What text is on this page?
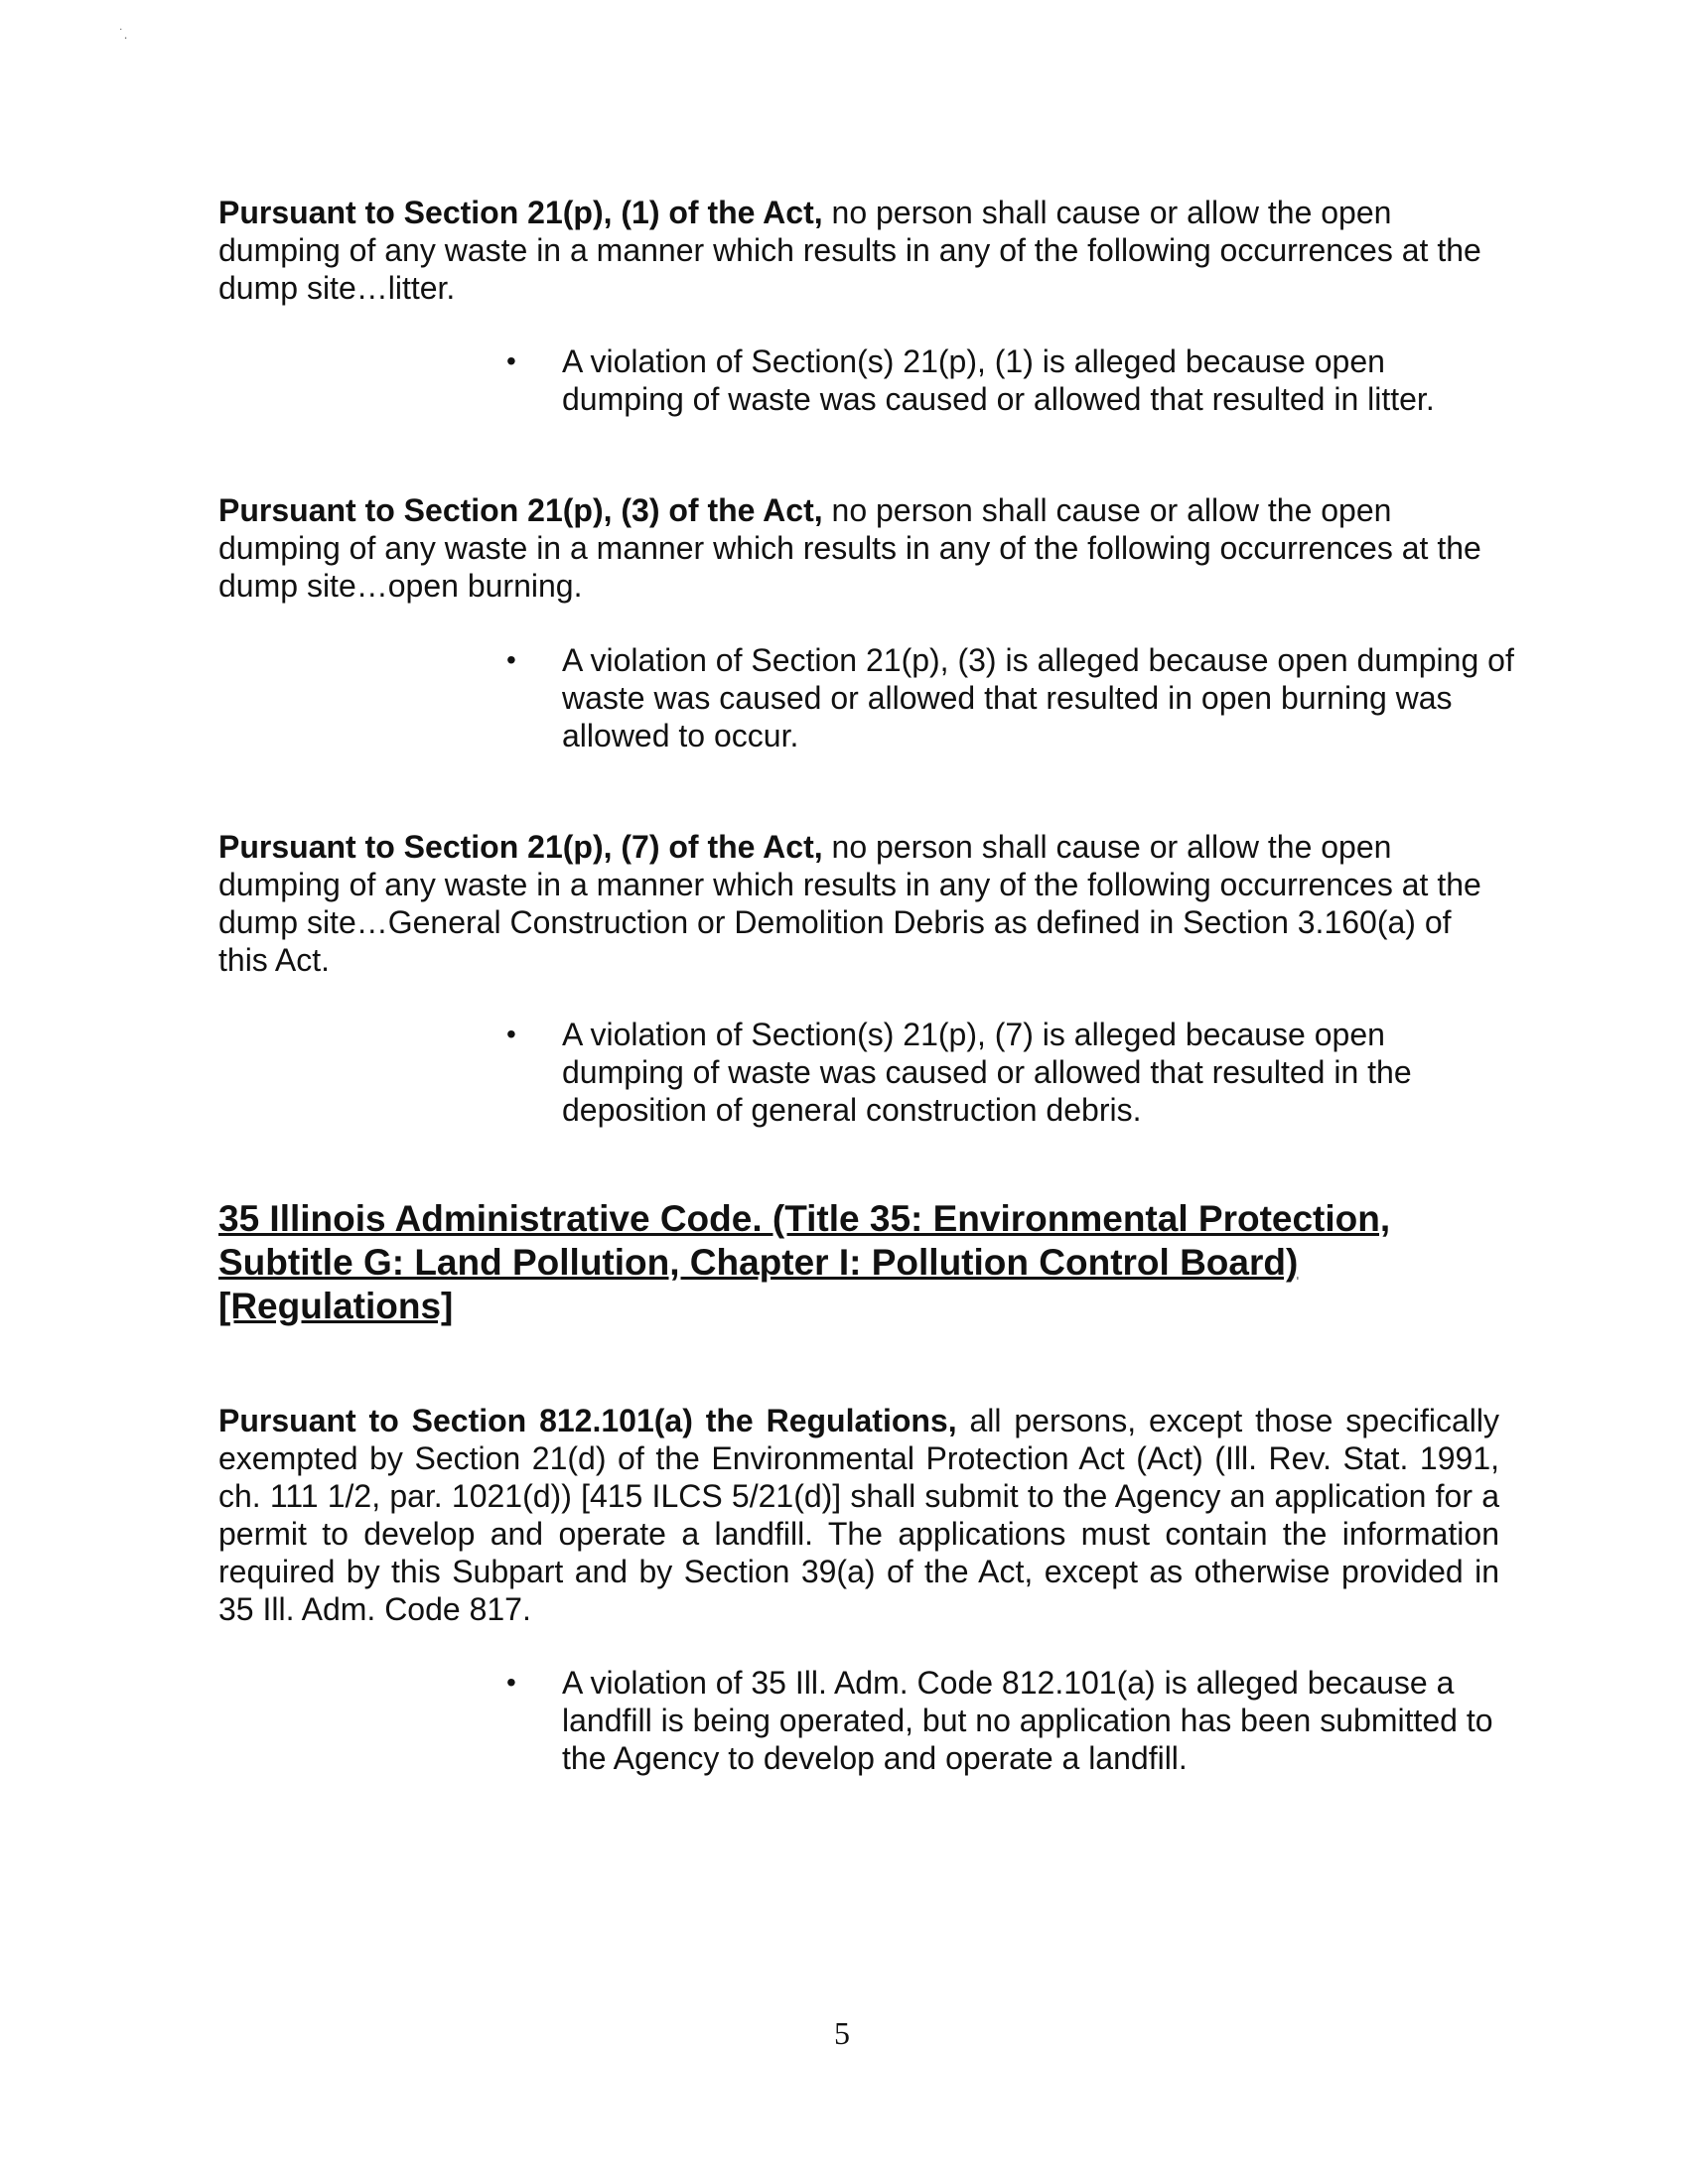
˙.

Pursuant to Section 21(p), (1) of the Act, no person shall cause or allow the open dumping of any waste in a manner which results in any of the following occurrences at the dump site…litter.

•	A violation of Section(s) 21(p), (1) is alleged because open dumping of waste was caused or allowed that resulted in litter.

Pursuant to Section 21(p), (3) of the Act, no person shall cause or allow the open dumping of any waste in a manner which results in any of the following occurrences at the dump site…open burning.

•	A violation of Section 21(p), (3) is alleged because open dumping of waste was caused or allowed that resulted in open burning was allowed to occur.

Pursuant to Section 21(p), (7) of the Act, no person shall cause or allow the open dumping of any waste in a manner which results in any of the following occurrences at the dump site…General Construction or Demolition Debris as defined in Section 3.160(a) of this Act.

•	A violation of Section(s) 21(p), (7) is alleged because open dumping of waste was caused or allowed that resulted in the deposition of general construction debris.
35 Illinois Administrative Code. (Title 35: Environmental Protection,
Subtitle G: Land Pollution, Chapter I: Pollution Control Board)
[Regulations]

Pursuant to Section 812.101(a) the Regulations, all persons, except those specifically exempted by Section 21(d) of the Environmental Protection Act (Act) (Ill. Rev. Stat. 1991, ch. 111 1/2, par. 1021(d)) [415 ILCS 5/21(d)] shall submit to the Agency an application for a permit to develop and operate a landfill. The applications must contain the information required by this Subpart and by Section 39(a) of the Act, except as otherwise provided in 35 Ill. Adm. Code 817.

•	A violation of 35 Ill. Adm. Code 812.101(a) is alleged because a landfill is being operated, but no application has been submitted to the Agency to develop and operate a landfill.
5
